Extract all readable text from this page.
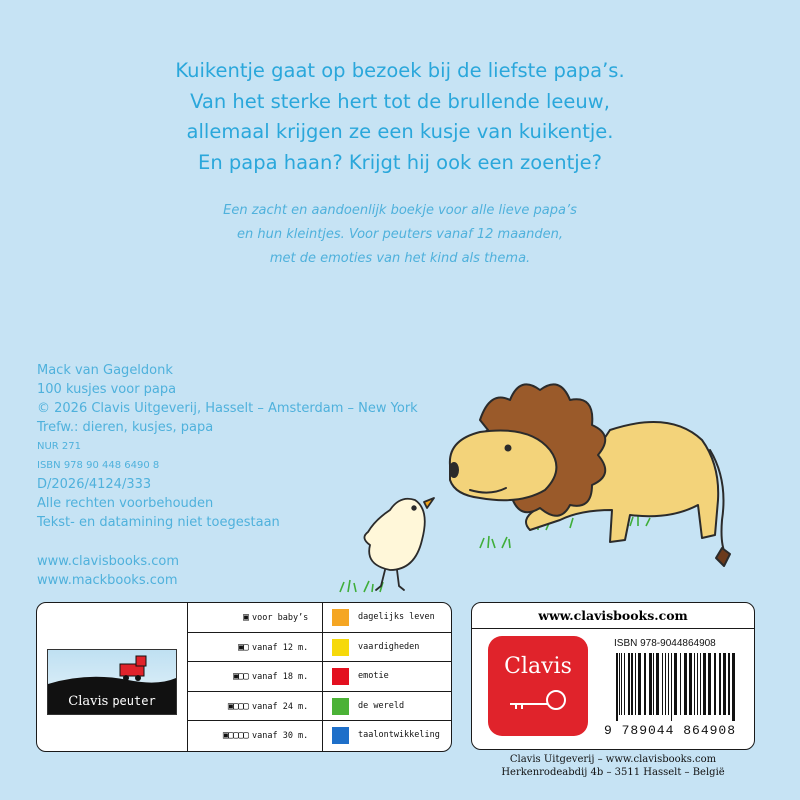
Kuikentje gaat op bezoek bij de liefste papa’s.
Van het sterke hert tot de brullende leeuw,
allemaal krijgen ze een kusje van kuikentje.
En papa haan? Krijgt hij ook een zoentje?
Een zacht en aandoenlijk boekje voor alle lieve papa’s
en hun kleintjes. Voor peuters vanaf 12 maanden,
met de emoties van het kind als thema.
Mack van Gageldonk
100 kusjes voor papa
© 2026 Clavis Uitgeverij, Hasselt – Amsterdam – New York
Trefw.: dieren, kusjes, papa
NUR 271
ISBN 978 90 448 6490 8
D/2026/4124/333
Alle rechten voorbehouden
Tekst- en datamining niet toegestaan
www.clavisbooks.com
www.mackbooks.com
Clavis peuter
▣ voor baby’s	dagelijks leven
▣▢ vanaf 12 m.	vaardigheden
▣▢▢ vanaf 18 m.	emotie
▣▢▢▢ vanaf 24 m.	de wereld
▣▢▢▢▢ vanaf 30 m.	taalontwikkeling
www.clavisbooks.com
Clavis
ISBN 978-9044864908
9 789044 864908
Clavis Uitgeverij – www.clavisbooks.com
Herkenrodeabdij 4b – 3511 Hasselt – België
